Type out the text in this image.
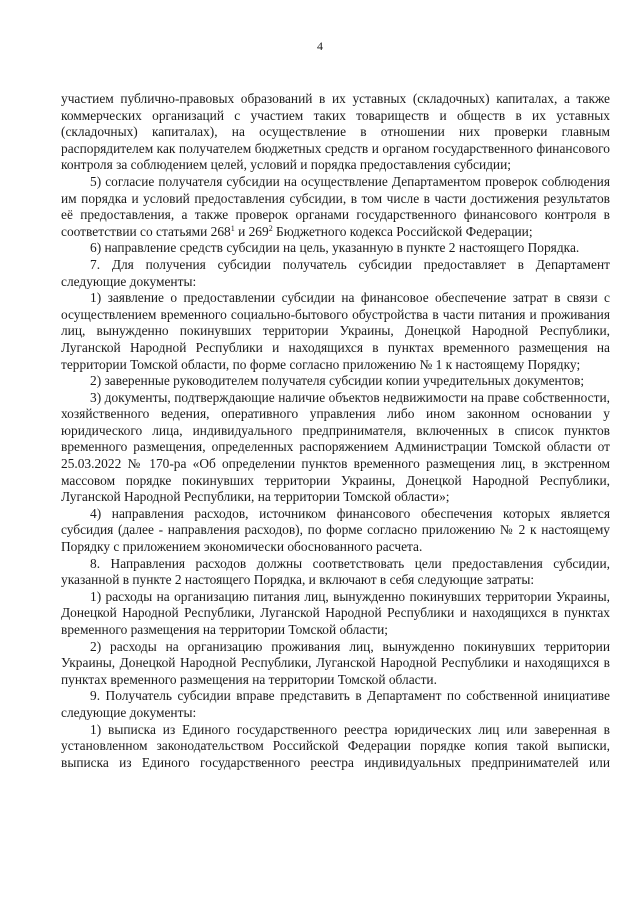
4

участием публично-правовых образований в их уставных (складочных) капиталах, а также коммерческих организаций с участием таких товариществ и обществ в их уставных (складочных) капиталах), на осуществление в отношении них проверки главным распорядителем как получателем бюджетных средств и органом государственного финансового контроля за соблюдением целей, условий и порядка предоставления субсидии;

5) согласие получателя субсидии на осуществление Департаментом проверок соблюдения им порядка и условий предоставления субсидии, в том числе в части достижения результатов её предоставления, а также проверок органами государственного финансового контроля в соответствии со статьями $268^1$ и $269^2$ Бюджетного кодекса Российской Федерации;

6) направление средств субсидии на цель, указанную в пункте 2 настоящего Порядка.

7. Для получения субсидии получатель субсидии предоставляет в Департамент следующие документы:

1) заявление о предоставлении субсидии на финансовое обеспечение затрат в связи с осуществлением временного социально-бытового обустройства в части питания и проживания лиц, вынужденно покинувших территории Украины, Донецкой Народной Республики, Луганской Народной Республики и находящихся в пунктах временного размещения на территории Томской области, по форме согласно приложению № 1 к настоящему Порядку;

2) заверенные руководителем получателя субсидии копии учредительных документов;

3) документы, подтверждающие наличие объектов недвижимости на праве собственности, хозяйственного ведения, оперативного управления либо ином законном основании у юридического лица, индивидуального предпринимателя, включенных в список пунктов временного размещения, определенных распоряжением Администрации Томской области от 25.03.2022 № 170-ра «Об определении пунктов временного размещения лиц, в экстренном массовом порядке покинувших территории Украины, Донецкой Народной Республики, Луганской Народной Республики, на территории Томской области»;

4) направления расходов, источником финансового обеспечения которых является субсидия (далее - направления расходов), по форме согласно приложению № 2 к настоящему Порядку с приложением экономически обоснованного расчета.

8. Направления расходов должны соответствовать цели предоставления субсидии, указанной в пункте 2 настоящего Порядка, и включают в себя следующие затраты:

1) расходы на организацию питания лиц, вынужденно покинувших территории Украины, Донецкой Народной Республики, Луганской Народной Республики и находящихся в пунктах временного размещения на территории Томской области;

2) расходы на организацию проживания лиц, вынужденно покинувших территории Украины, Донецкой Народной Республики, Луганской Народной Республики и находящихся в пунктах временного размещения на территории Томской области.

9. Получатель субсидии вправе представить в Департамент по собственной инициативе следующие документы:

1) выписка из Единого государственного реестра юридических лиц или заверенная в установленном законодательством Российской Федерации порядке копия такой выписки, выписка из Единого государственного реестра индивидуальных предпринимателей или
